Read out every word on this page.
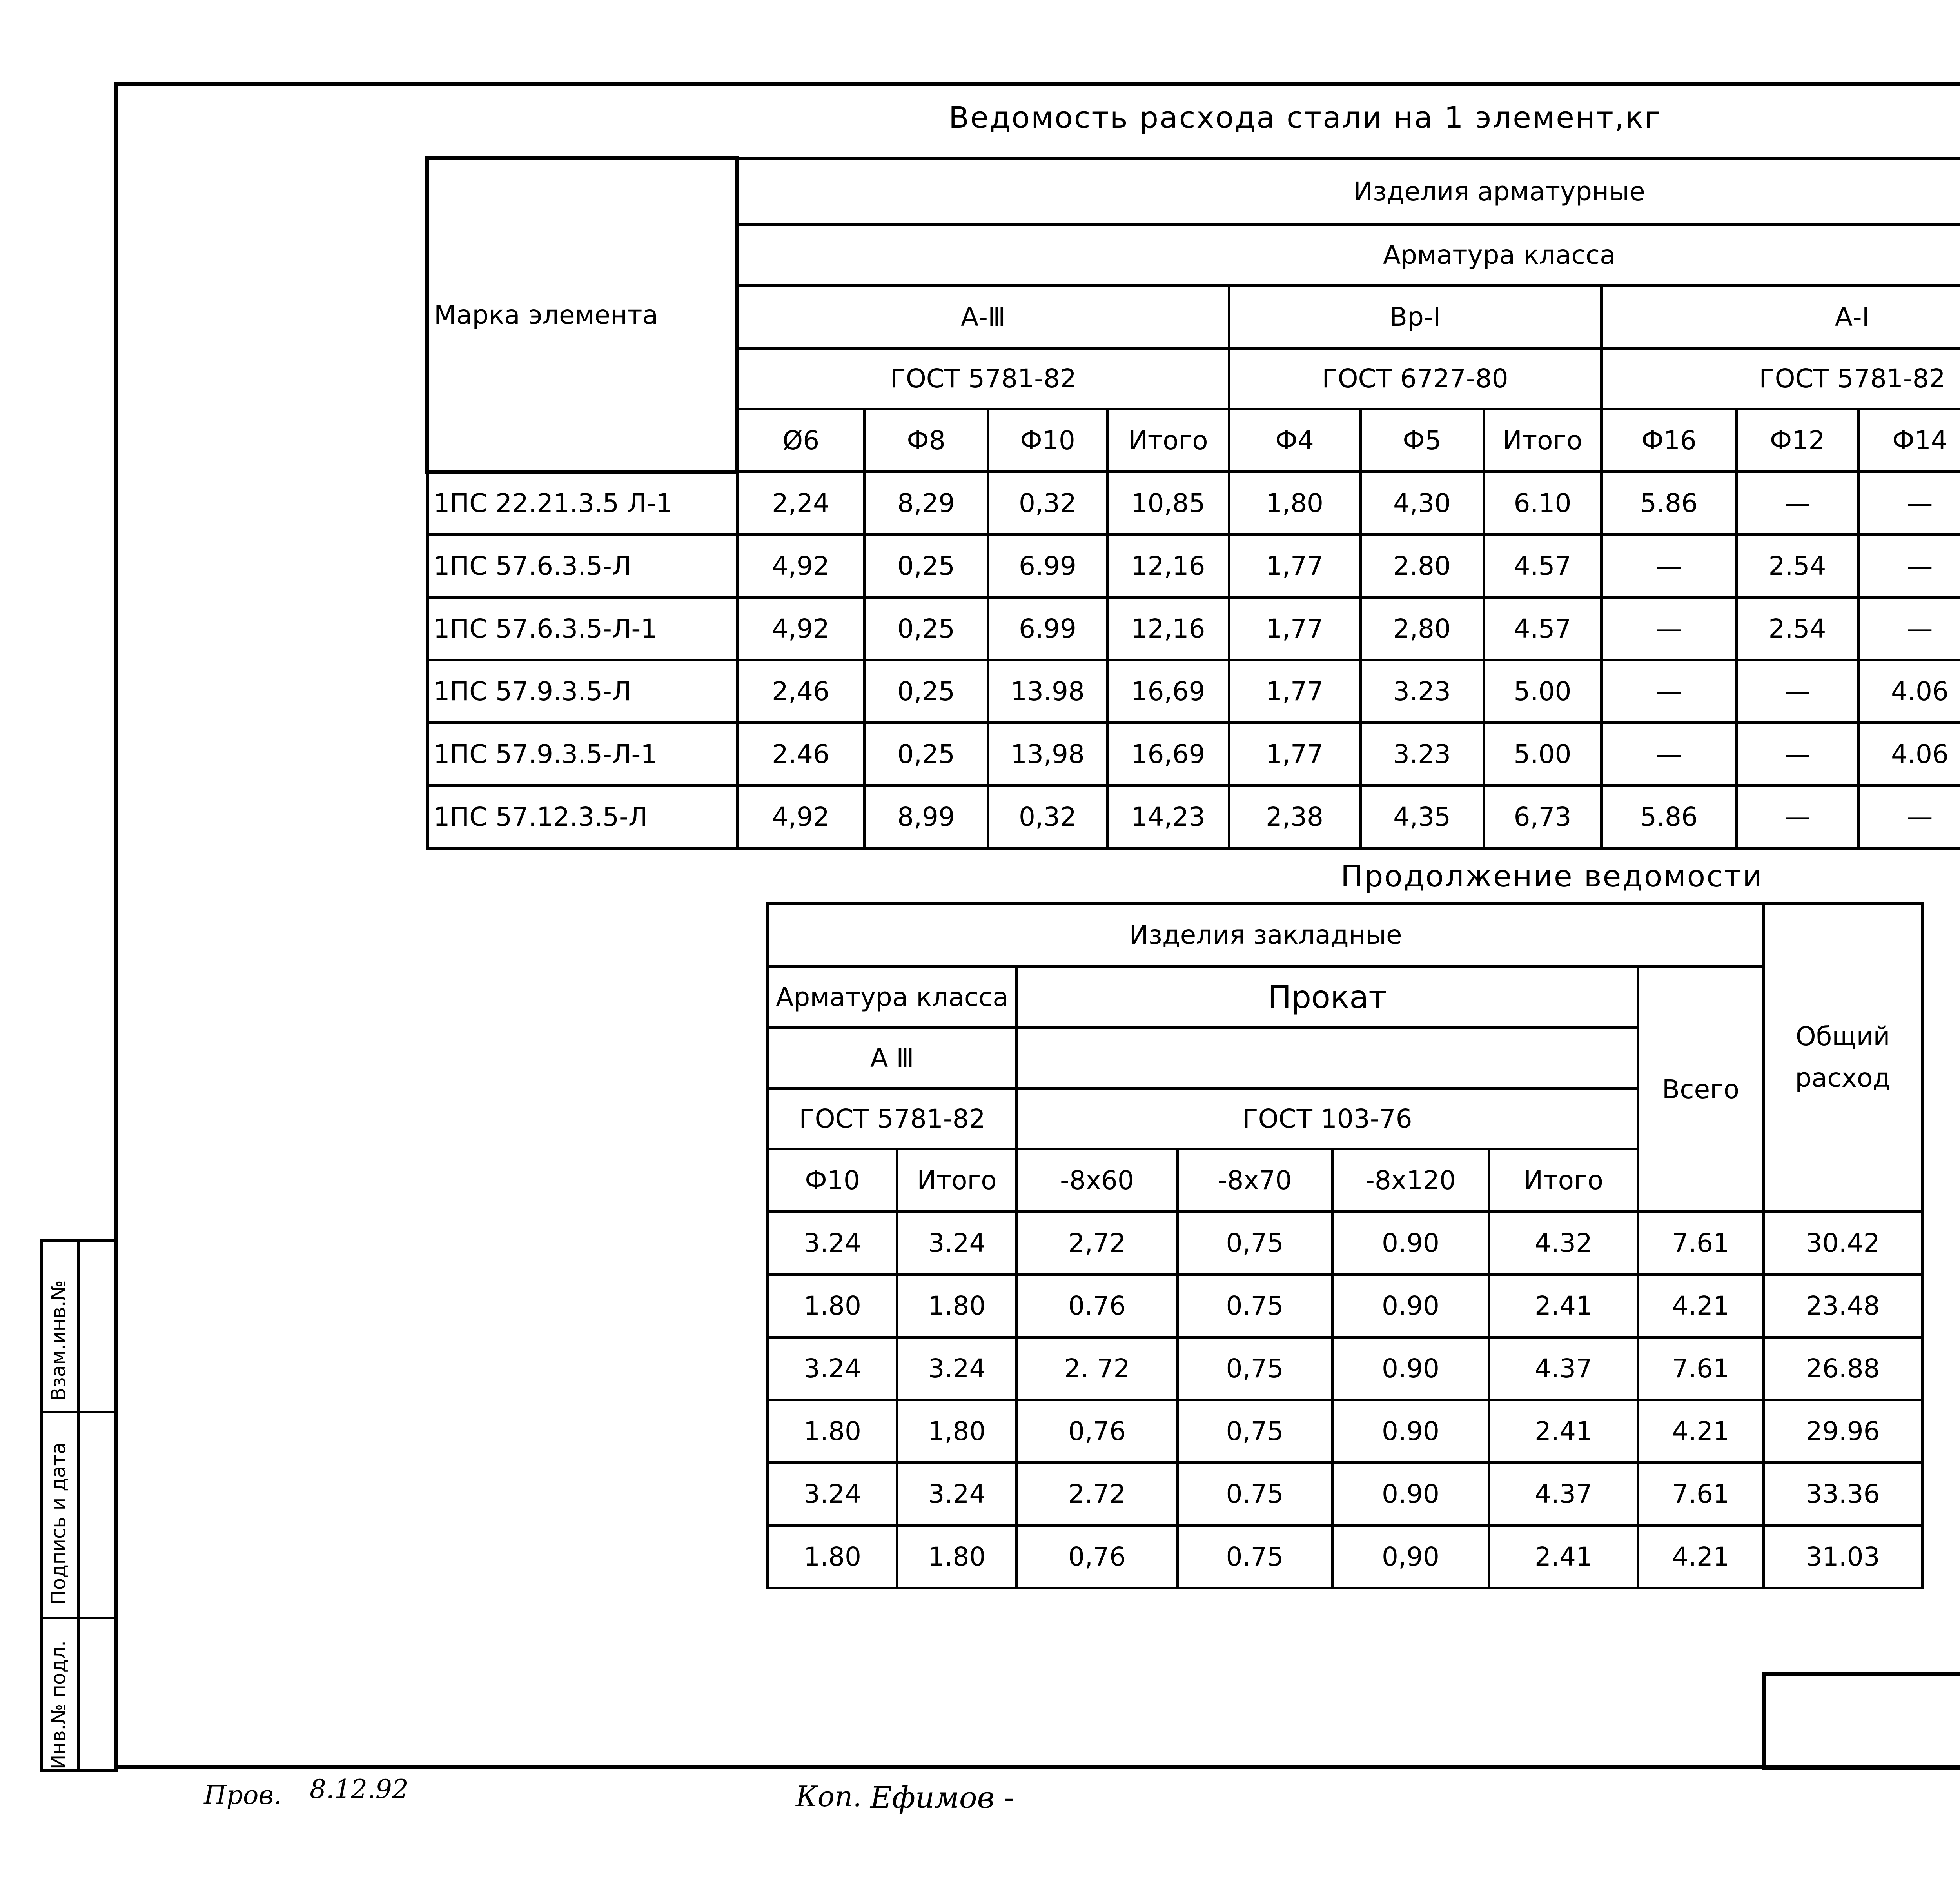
Ведомость расхода стали на 1 элемент,кг
Марка элемента	Изделия арматурные											
	Арматура класса											
	А-Ⅲ				Вр-I			А-I	
	ГОСТ 5781-82				ГОСТ 6727-80			ГОСТ 5781-82				
	Ø6	Ф8	Ф10	Итого	Ф4	Ф5	Итого	Ф16	Ф12	Ф14	
1ПС 22.21.3.5 Л-1	2,24	8,29	0,32	10,85	1,80	4,30	6.10	5.86	—	—		
1ПС 57.6.3.5-Л	4,92	0,25	6.99	12,16	1,77	2.80	4.57	—	2.54	—		
1ПС 57.6.3.5-Л-1	4,92	0,25	6.99	12,16	1,77	2,80	4.57	—	2.54	—		
1ПС 57.9.3.5-Л	2,46	0,25	13.98	16,69	1,77	3.23	5.00	—	—	4.06		
1ПС 57.9.3.5-Л-1	2.46	0,25	13,98	16,69	1,77	3.23	5.00	—	—	4.06		
1ПС 57.12.3.5-Л	4,92	8,99	0,32	14,23	2,38	4,35	6,73	5.86	—	—		
Продолжение ведомости
Изделия закладные							Общий
расход
Арматура класса		Прокат				Всего	
А Ⅲ							
ГОСТ 5781-82		ГОСТ 103-76					
Ф10	Итого	-8х60	-8х70	-8х120	Итого		
3.24	3.24	2,72	0,75	0.90	4.32	7.61	30.42
1.80	1.80	0.76	0.75	0.90	2.41	4.21	23.48
3.24	3.24	2. 72	0,75	0.90	4.37	7.61	26.88
1.80	1,80	0,76	0,75	0.90	2.41	4.21	29.96
3.24	3.24	2.72	0.75	0.90	4.37	7.61	33.36
1.80	1.80	0,76	0.75	0,90	2.41	4.21	31.03
Взам.инв.№
Подпись и дата
Инв.№ подл.
Пров. 8.12.92	Коп. Ефимов -
